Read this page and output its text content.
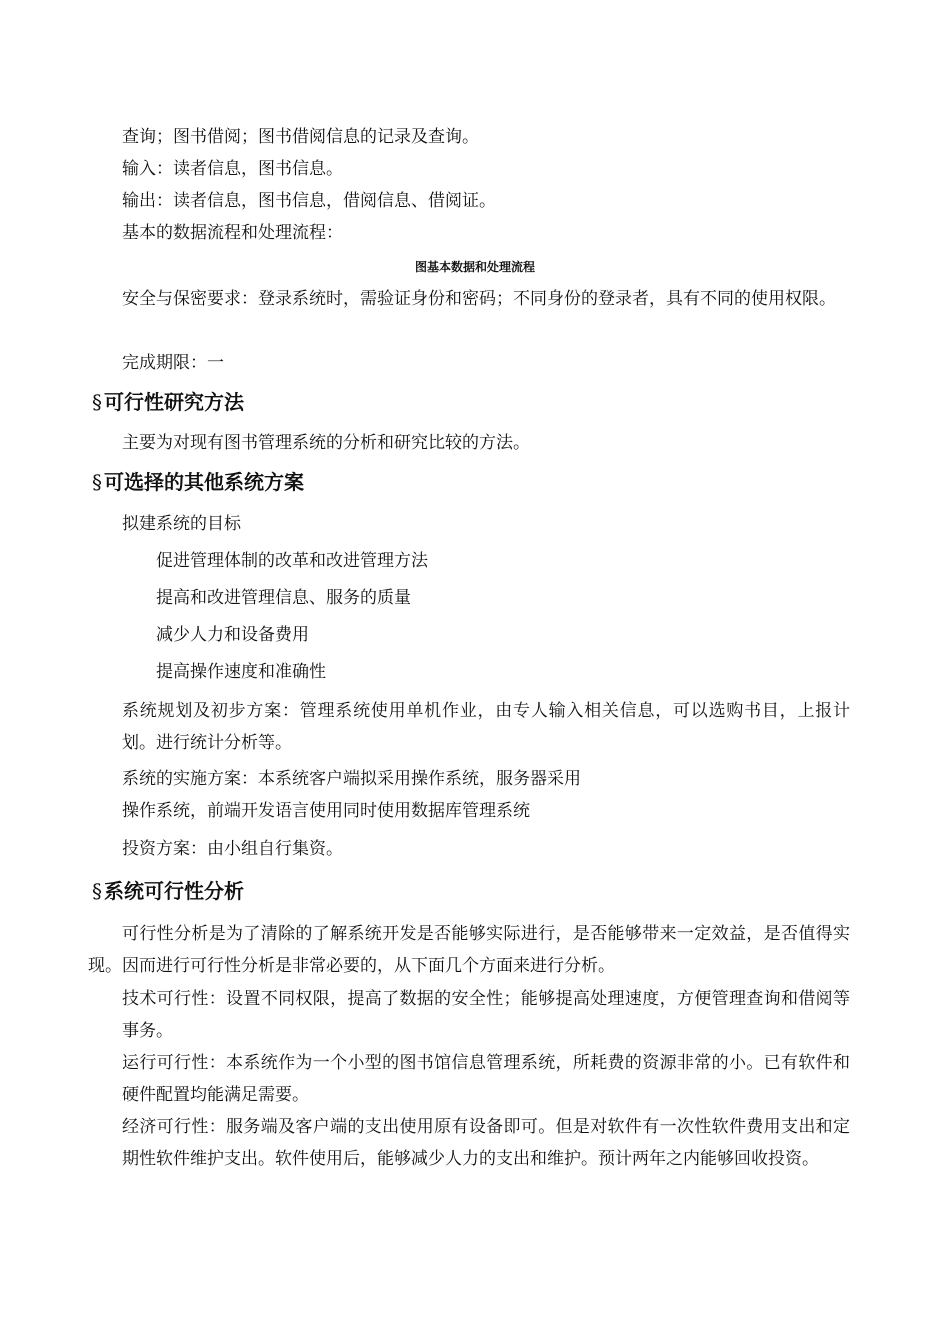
查询；图书借阅；图书借阅信息的记录及查询。
输入：读者信息，图书信息。
输出：读者信息，图书信息，借阅信息、借阅证。
基本的数据流程和处理流程：
图基本数据和处理流程
安全与保密要求：登录系统时，需验证身份和密码；不同身份的登录者，具有不同的使用权限。
完成期限：一
§ 可行性研究方法
主要为对现有图书管理系统的分析和研究比较的方法。
§ 可选择的其他系统方案
拟建系统的目标
促进管理体制的改革和改进管理方法
提高和改进管理信息、服务的质量
减少人力和设备费用
提高操作速度和准确性
系统规划及初步方案：管理系统使用单机作业，由专人输入相关信息，可以选购书目，上报计划。进行统计分析等。
系统的实施方案：本系统客户端拟采用操作系统，服务器采用
操作系统，前端开发语言使用同时使用数据库管理系统
投资方案：由小组自行集资。
§ 系统可行性分析
可行性分析是为了清除的了解系统开发是否能够实际进行，是否能够带来一定效益，是否值得实现。因而进行可行性分析是非常必要的，从下面几个方面来进行分析。
技术可行性：设置不同权限，提高了数据的安全性；能够提高处理速度，方便管理查询和借阅等事务。
运行可行性：本系统作为一个小型的图书馆信息管理系统，所耗费的资源非常的小。已有软件和硬件配置均能满足需要。
经济可行性：服务端及客户端的支出使用原有设备即可。但是对软件有一次性软件费用支出和定期性软件维护支出。软件使用后，能够减少人力的支出和维护。预计两年之内能够回收投资。
